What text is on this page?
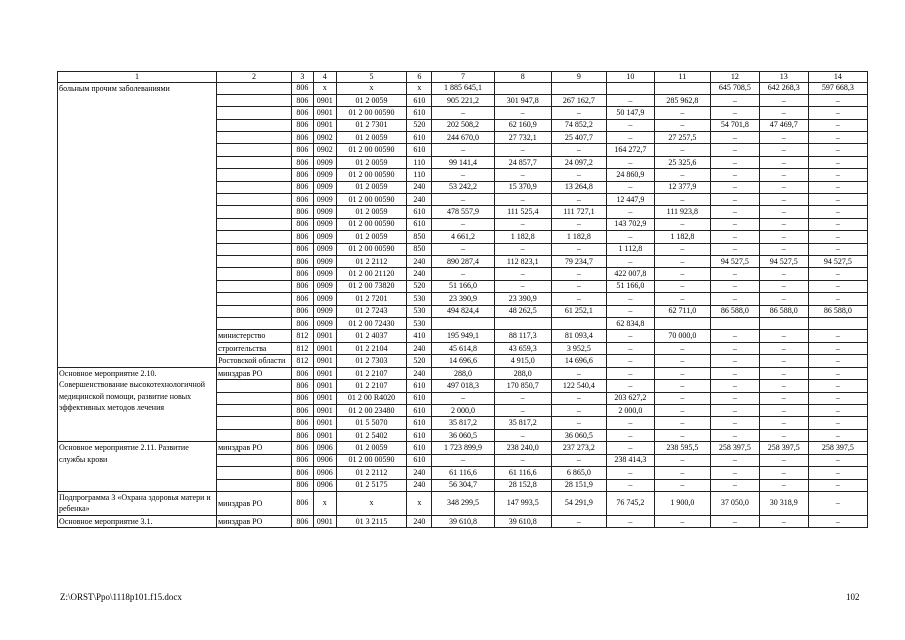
1	2	3	4	5	6	7	8	9	10	11	12	13	14
больным прочим заболеваниями		806	x	x	x	1 885 645,1					645 708,5	642 268,3	597 668,3
		806	0901	01 2 0059	610	905 221,2	301 947,8	267 162,7	–	285 962,8	–	–	–
		806	0901	01 2 00 00590	610	–	–	–	50 147,9	–	–	–	–
		806	0901	01 2 7301	520	202 508,2	62 160,9	74 852,2	–	–	54 701,8	47 469,7	–
		806	0902	01 2 0059	610	244 670,0	27 732,1	25 407,7	–	27 257,5	–	–	–
		806	0902	01 2 00 00590	610	–	–	–	164 272,7	–	–	–	–
		806	0909	01 2 0059	110	99 141,4	24 857,7	24 097,2	–	25 325,6	–	–	–
		806	0909	01 2 00 00590	110	–	–	–	24 860,9	–	–	–	–
		806	0909	01 2 0059	240	53 242,2	15 370,9	13 264,8	–	12 377,9	–	–	–
		806	0909	01 2 00 00590	240	–	–	–	12 447,9	–	–	–	–
		806	0909	01 2 0059	610	478 557,9	111 525,4	111 727,1	–	111 923,8	–	–	–
		806	0909	01 2 00 00590	610	–	–	–	143 702,9	–	–	–	–
		806	0909	01 2 0059	850	4 661,2	1 182,8	1 182,8	–	1 182,8	–	–	–
		806	0909	01 2 00 00590	850	–	–	–	1 112,8	–	–	–	–
		806	0909	01 2 2112	240	890 287,4	112 823,1	79 234,7	–	–	94 527,5	94 527,5	94 527,5
		806	0909	01 2 00 21120	240	–	–	–	422 007,8	–	–	–	–
		806	0909	01 2 00 73820	520	51 166,0	–	–	51 166,0	–	–	–	–
		806	0909	01 2 7201	530	23 390,9	23 390,9	–	–	–	–	–	–
		806	0909	01 2 7243	530	494 824,4	48 262,5	61 252,1	–	62 711,0	86 588,0	86 588,0	86 588,0
		806	0909	01 2 00 72430	530				62 834,8				
	министерство	812	0901	01 2 4037	410	195 949,1	88 117,3	81 093,4	–	70 000,0	–	–	–
	строительства	812	0901	01 2 2104	240	45 614,8	43 659,3	3 952,5	–	–	–	–	–
	Ростовской области	812	0901	01 2 7303	520	14 696,6	4 915,0	14 696,6	–	–	–	–	–
Основное мероприятие 2.10. Совершенствование высокотехнологичной медицинской помощи, развитие новых эффективных методов лечения	минздрав РО	806	0901	01 2 2107	240	288,0	288,0	–	–	–	–	–	–
		806	0901	01 2 2107	610	497 018,3	170 850,7	122 540,4	–	–	–	–	–
		806	0901	01 2 00 R4020	610	–	–	–	203 627,2	–	–	–	–
		806	0901	01 2 00 23480	610	2 000,0	–	–	2 000,0	–	–	–	–
		806	0901	01 5 5070	610	35 817,2	35 817,2	–	–	–	–	–	–
		806	0901	01 2 5402	610	36 060,5	–	36 060,5	–	–	–	–	–
Основное мероприятие 2.11. Развитие службы крови	минздрав РО	806	0906	01 2 0059	610	1 723 899,9	238 240,0	237 273,2	–	238 595,5	258 397,5	258 397,5	258 397,5
		806	0906	01 2 00 00590	610	–	–	–	238 414,3	–	–	–	–
		806	0906	01 2 2112	240	61 116,6	61 116,6	6 865,0	–	–	–	–	–
		806	0906	01 2 5175	240	56 304,7	28 152,8	28 151,9	–	–	–	–	–
Подпрограмма 3 «Охрана здоровья матери и ребенка»	минздрав РО	806	x	x	x	348 299,5	147 993,5	54 291,9	76 745,2	1 900,0	37 050,0	30 318,9	–
Основное мероприятие 3.1.	минздрав РО	806	0901	01 3 2115	240	39 610,8	39 610,8	–	–	–	–	–	–
Z:\ORST\Ppo\1118p101.f15.docx	102
